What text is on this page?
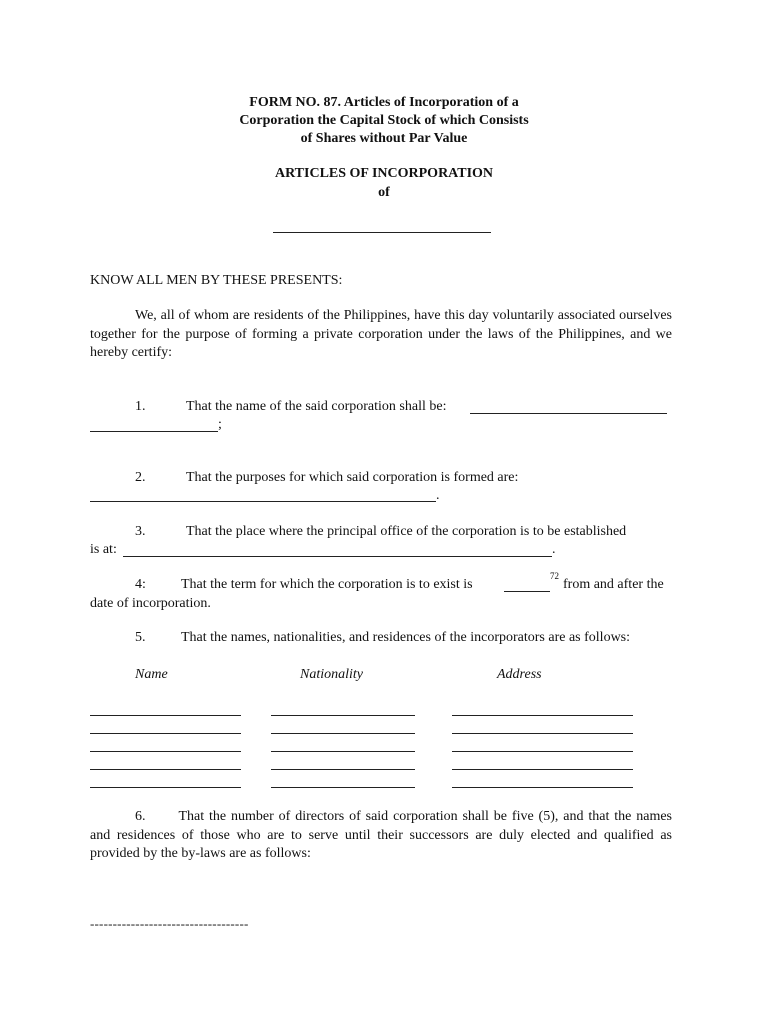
FORM NO. 87. Articles of Incorporation of a
Corporation the Capital Stock of which Consists
of Shares without Par Value
ARTICLES OF INCORPORATION
of
KNOW ALL MEN BY THESE PRESENTS:
We, all of whom are residents of the Philippines, have this day voluntarily associated ourselves together for the purpose of forming a private corporation under the laws of the Philippines, and we hereby certify:
1.	That the name of the said corporation shall be:
;
2.	That the purposes for which said corporation is formed are:
.
3.	That the place where the principal office of the corporation is to be established
is at:	.
4:	That the term for which the corporation is to exist is
72
from and after the
date of incorporation.
5.	That the names, nationalities, and residences of the incorporators are as follows:
Name	Nationality	Address
6. That the number of directors of said corporation shall be five (5), and that the names and residences of those who are to serve until their successors are duly elected and qualified as provided by the by-laws are as follows:
-----------------------------------
